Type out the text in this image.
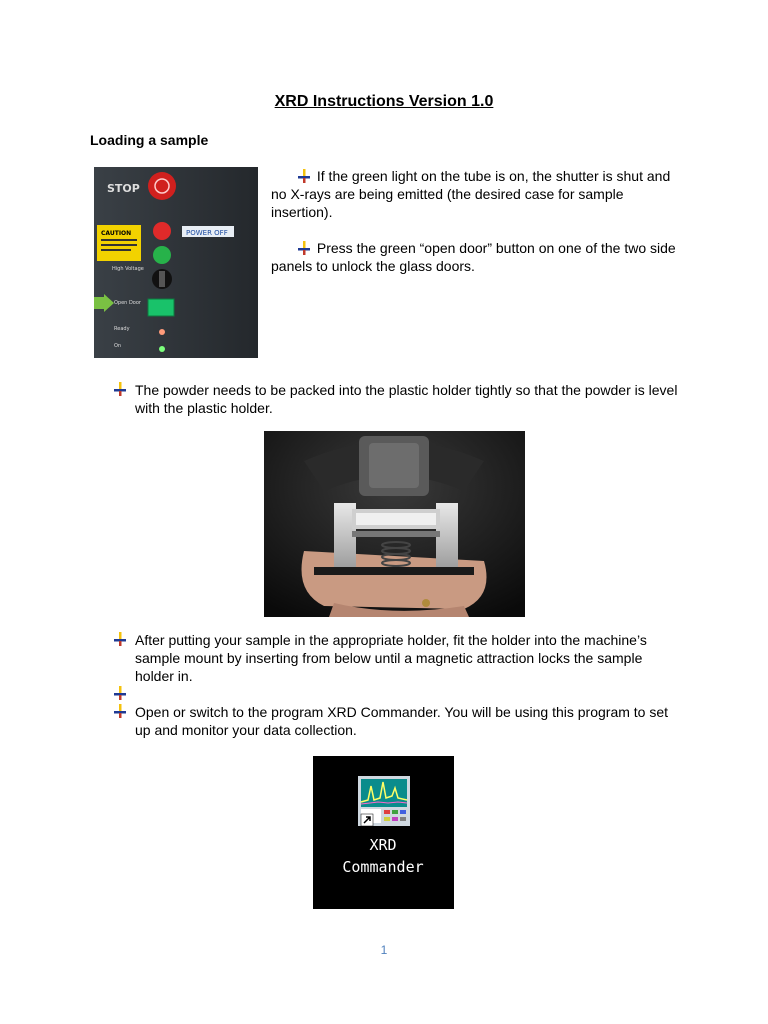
XRD Instructions Version 1.0
Loading a sample
STOP
CAUTION	POWER OFF
High Voltage
Open Door
Ready
On
If the green light on the tube is on, the shutter is shut and no X-rays are being emitted (the desired case for sample insertion).
Press the green “open door” button on one of the two side panels to unlock the glass doors.
The powder needs to be packed into the plastic holder tightly so that the powder is level with the plastic holder.
After putting your sample in the appropriate holder, fit the holder into the machine’s sample mount by inserting from below until a magnetic attraction locks the sample holder in.
Open or switch to the program XRD Commander. You will be using this program to set up and monitor your data collection.
XRD
Commander
1
